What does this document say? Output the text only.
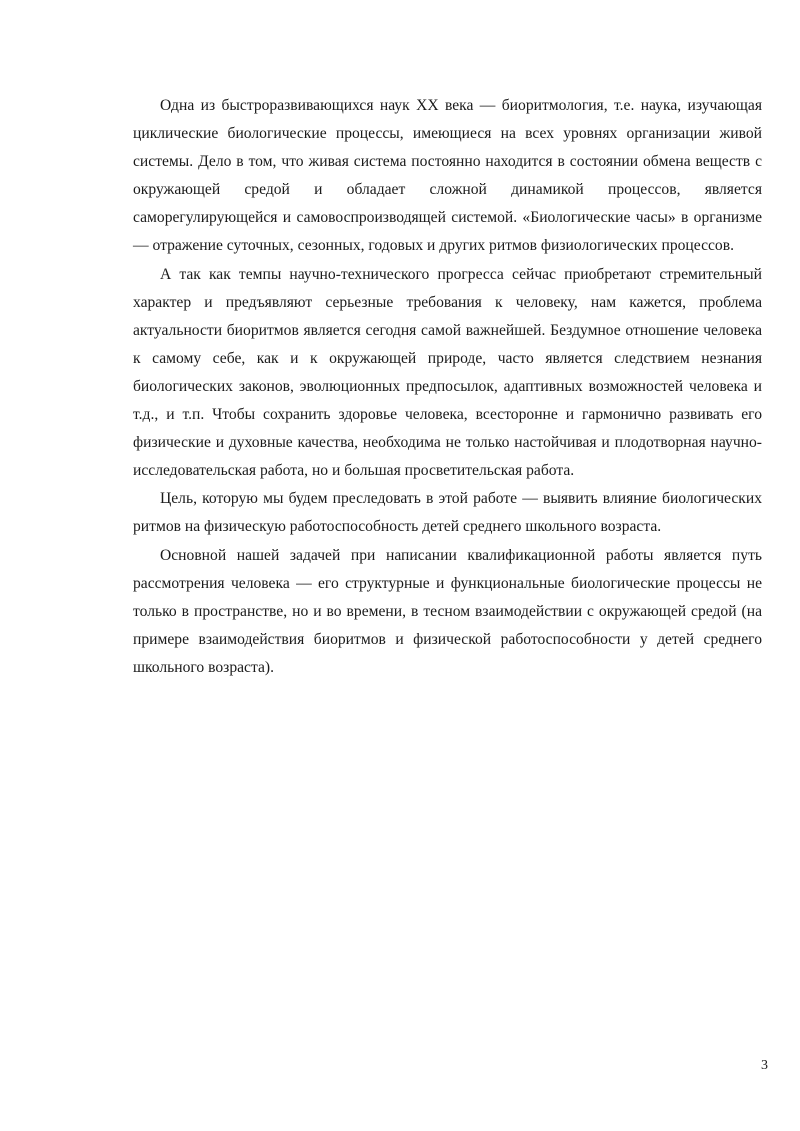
Одна из быстроразвивающихся наук XX века — биоритмология, т.е. наука, изучающая циклические биологические процессы, имеющиеся на всех уровнях организации живой системы. Дело в том, что живая система постоянно находится в состоянии обмена веществ с окружающей средой и обладает сложной динамикой процессов, является саморегулирующейся и самовоспроизводящей системой. «Биологические часы» в организме — отражение суточных, сезонных, годовых и других ритмов физиологических процессов.

А так как темпы научно-технического прогресса сейчас приобретают стремительный характер и предъявляют серьезные требования к человеку, нам кажется, проблема актуальности биоритмов является сегодня самой важнейшей. Бездумное отношение человека к самому себе, как и к окружающей природе, часто является следствием незнания биологических законов, эволюционных предпосылок, адаптивных возможностей человека и т.д., и т.п. Чтобы сохранить здоровье человека, всесторонне и гармонично развивать его физические и духовные качества, необходима не только настойчивая и плодотворная научно-исследовательская работа, но и большая просветительская работа.

Цель, которую мы будем преследовать в этой работе — выявить влияние биологических ритмов на физическую работоспособность детей среднего школьного возраста.

Основной нашей задачей при написании квалификационной работы является путь рассмотрения человека — его структурные и функциональные биологические процессы не только в пространстве, но и во времени, в тесном взаимодействии с окружающей средой (на примере взаимодействия биоритмов и физической работоспособности у детей среднего школьного возраста).

3
